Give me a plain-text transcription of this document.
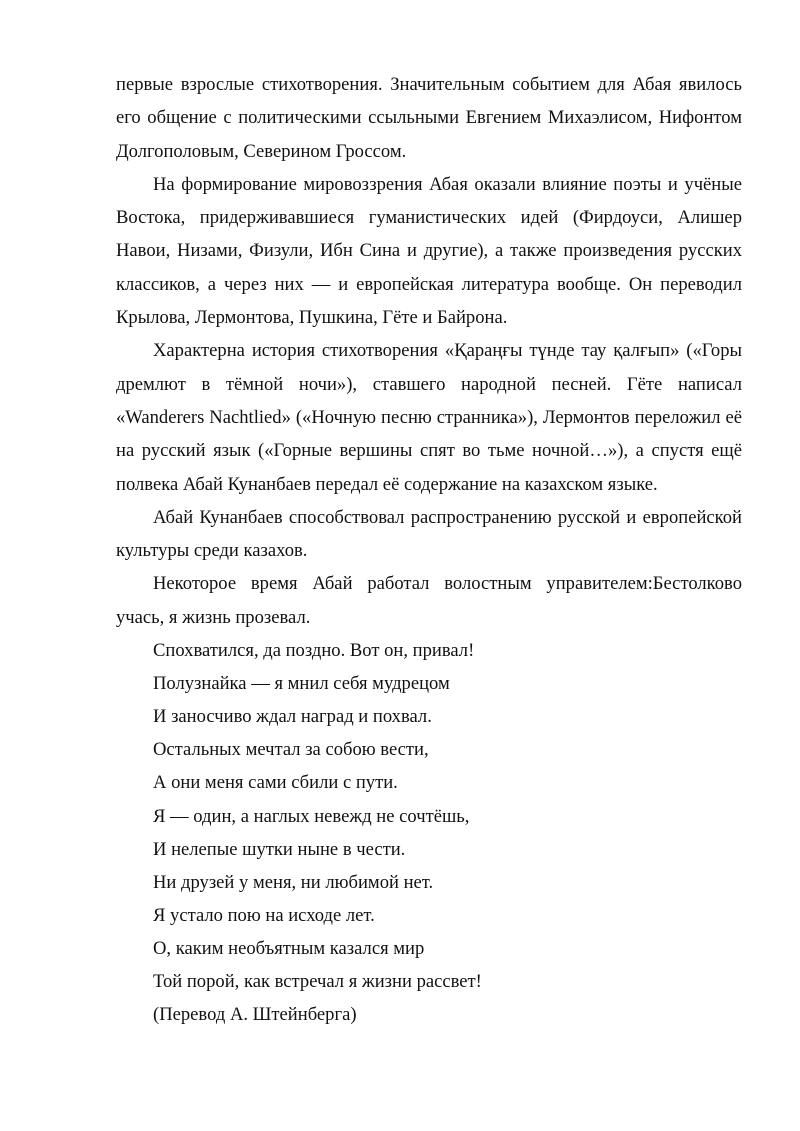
первые взрослые стихотворения. Значительным событием для Абая явилось
его общение с политическими ссыльными Евгением Михаэлисом, Нифонтом
Долгополовым, Северином Гроссом.
На формирование мировоззрения Абая оказали влияние поэты и учёные
Востока, придерживавшиеся гуманистических идей (Фирдоуси, Алишер
Навои, Низами, Физули, Ибн Сина и другие), а также произведения русских
классиков, а через них — и европейская литература вообще. Он переводил
Крылова, Лермонтова, Пушкина, Гёте и Байрона.
Характерна история стихотворения «Қараңғы түнде тау қалғып» («Горы
дремлют в тёмной ночи»), ставшего народной песней. Гёте написал
«Wanderers Nachtlied» («Ночную песню странника»), Лермонтов переложил её
на русский язык («Горные вершины спят во тьме ночной…»), а спустя ещё
полвека Абай Кунанбаев передал её содержание на казахском языке.
Абай Кунанбаев способствовал распространению русской и европейской
культуры среди казахов.
Некоторое время Абай работал волостным управителем:Бестолково
учась, я жизнь прозевал.
Спохватился, да поздно. Вот он, привал!
Полузнайка — я мнил себя мудрецом
И заносчиво ждал наград и похвал.
Остальных мечтал за собою вести,
А они меня сами сбили с пути.
Я — один, а наглых невежд не сочтёшь,
И нелепые шутки ныне в чести.
Ни друзей у меня, ни любимой нет.
Я устало пою на исходе лет.
О, каким необъятным казался мир
Той порой, как встречал я жизни рассвет!
(Перевод А. Штейнберга)
